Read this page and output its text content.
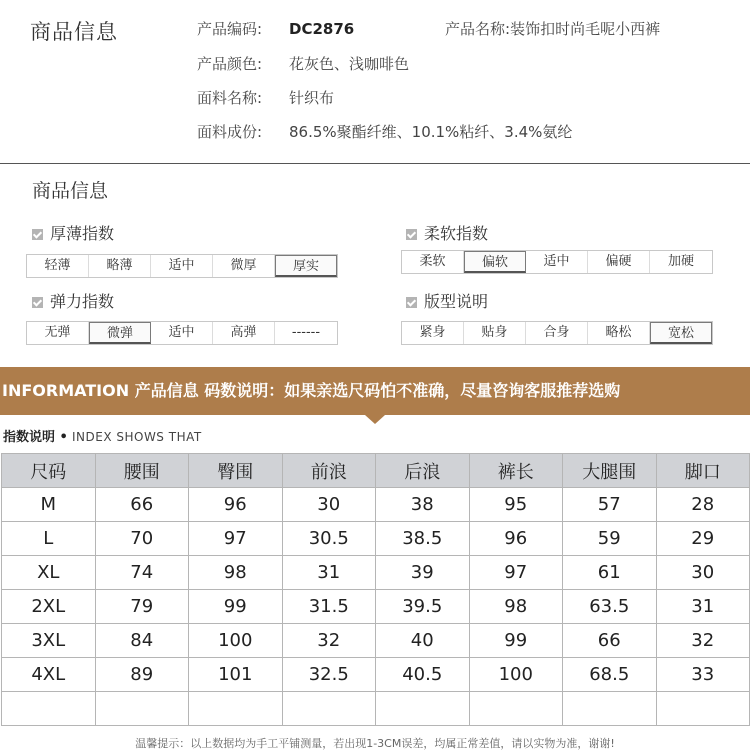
商品信息	产品编码: DC2876	产品名称:装饰扣时尚毛呢小西裤
产品颜色: 花灰色、浅咖啡色
面料名称: 针织布
面料成份: 86.5%聚酯纤维、10.1%粘纤、3.4%氨纶
商品信息
厚薄指数
轻薄	略薄	适中	微厚	厚实
柔软指数
柔软	偏软	适中	偏硬	加硬
弹力指数
无弹	微弹	适中	高弹	------
版型说明
紧身	贴身	合身	略松	宽松
INFORMATION 产品信息 码数说明：如果亲选尺码怕不准确，尽量咨询客服推荐选购
指数说明 • INDEX SHOWS THAT
尺码	腰围	臀围	前浪	后浪	裤长	大腿围	脚口
M	66	96	30	38	95	57	28
L	70	97	30.5	38.5	96	59	29
XL	74	98	31	39	97	61	30
2XL	79	99	31.5	39.5	98	63.5	31
3XL	84	100	32	40	99	66	32
4XL	89	101	32.5	40.5	100	68.5	33

温馨提示：以上数据均为手工平铺测量，若出现1-3CM误差，均属正常差值，请以实物为准，谢谢!
